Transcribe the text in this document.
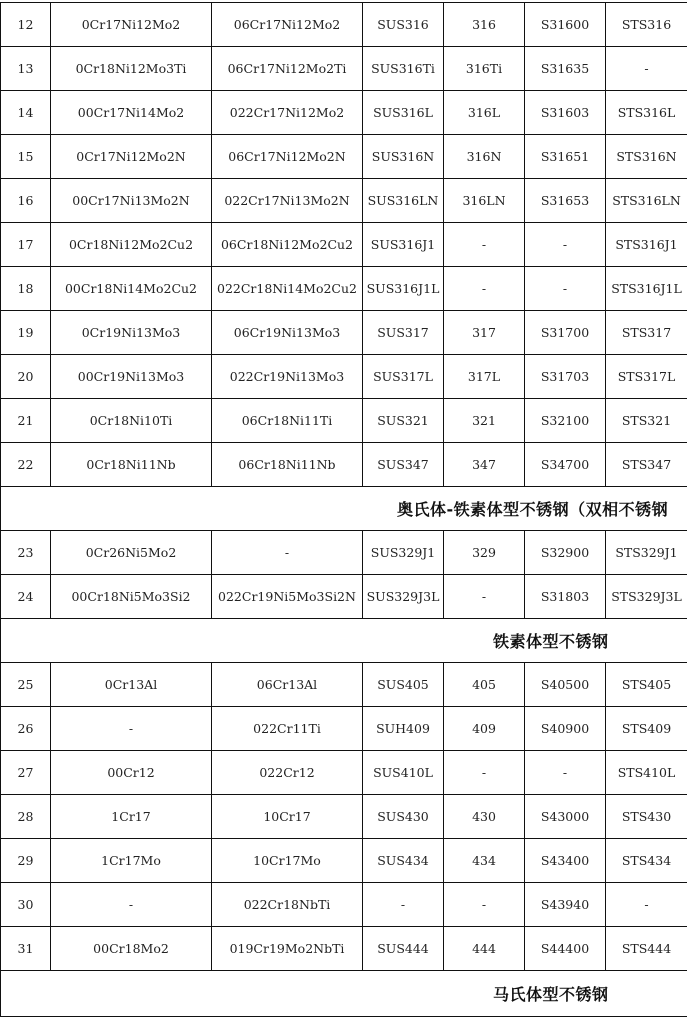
12	0Cr17Ni12Mo2	06Cr17Ni12Mo2	SUS316	316	S31600	STS316
13	0Cr18Ni12Mo3Ti	06Cr17Ni12Mo2Ti	SUS316Ti	316Ti	S31635	-
14	00Cr17Ni14Mo2	022Cr17Ni12Mo2	SUS316L	316L	S31603	STS316L
15	0Cr17Ni12Mo2N	06Cr17Ni12Mo2N	SUS316N	316N	S31651	STS316N
16	00Cr17Ni13Mo2N	022Cr17Ni13Mo2N	SUS316LN	316LN	S31653	STS316LN
17	0Cr18Ni12Mo2Cu2	06Cr18Ni12Mo2Cu2	SUS316J1	-	-	STS316J1
18	00Cr18Ni14Mo2Cu2	022Cr18Ni14Mo2Cu2	SUS316J1L	-	-	STS316J1L
19	0Cr19Ni13Mo3	06Cr19Ni13Mo3	SUS317	317	S31700	STS317
20	00Cr19Ni13Mo3	022Cr19Ni13Mo3	SUS317L	317L	S31703	STS317L
21	0Cr18Ni10Ti	06Cr18Ni11Ti	SUS321	321	S32100	STS321
22	0Cr18Ni11Nb	06Cr18Ni11Nb	SUS347	347	S34700	STS347
奥氏体-铁素体型不锈钢（双相不锈钢						
23	0Cr26Ni5Mo2	-	SUS329J1	329	S32900	STS329J1
24	00Cr18Ni5Mo3Si2	022Cr19Ni5Mo3Si2N	SUS329J3L	-	S31803	STS329J3L
铁素体型不锈钢						
25	0Cr13Al	06Cr13Al	SUS405	405	S40500	STS405
26	-	022Cr11Ti	SUH409	409	S40900	STS409
27	00Cr12	022Cr12	SUS410L	-	-	STS410L
28	1Cr17	10Cr17	SUS430	430	S43000	STS430
29	1Cr17Mo	10Cr17Mo	SUS434	434	S43400	STS434
30	-	022Cr18NbTi	-	-	S43940	-
31	00Cr18Mo2	019Cr19Mo2NbTi	SUS444	444	S44400	STS444
马氏体型不锈钢						
